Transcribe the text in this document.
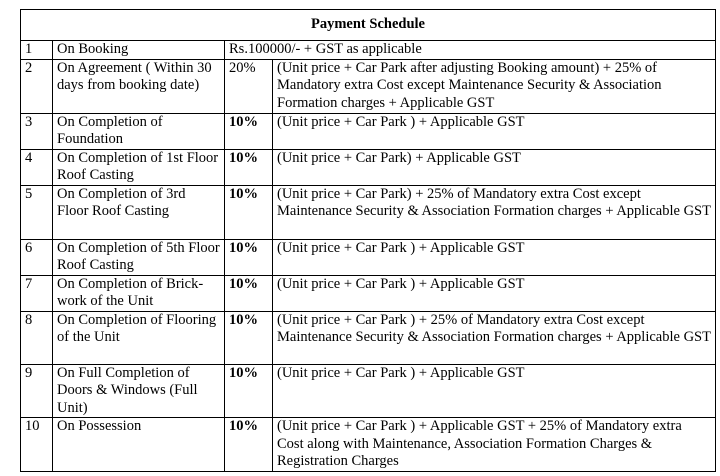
Payment Schedule			
1	On Booking	Rs.100000/- + GST as applicable	
2	On Agreement ( Within 30 days from booking date)	20%	(Unit price + Car Park after adjusting Booking amount) + 25% of Mandatory extra Cost except Maintenance Security & Association Formation charges + Applicable GST
3	On Completion of Foundation	10%	(Unit price + Car Park ) + Applicable GST
4	On Completion of 1st Floor Roof Casting	10%	(Unit price + Car Park) + Applicable GST
5	On Completion of 3rd Floor Roof Casting	10%	(Unit price + Car Park) + 25% of Mandatory extra Cost except Maintenance Security & Association Formation charges + Applicable GST
6	On Completion of 5th Floor Roof Casting	10%	(Unit price + Car Park ) + Applicable GST
7	On Completion of Brick-work of the Unit	10%	(Unit price + Car Park ) + Applicable GST
8	On Completion of Flooring of the Unit	10%	(Unit price + Car Park ) + 25% of Mandatory extra Cost except Maintenance Security & Association Formation charges + Applicable GST
9	On Full Completion of Doors & Windows (Full Unit)	10%	(Unit price + Car Park ) + Applicable GST
10	On Possession	10%	(Unit price + Car Park ) + Applicable GST + 25% of Mandatory extra Cost along with Maintenance, Association Formation Charges & Registration Charges
